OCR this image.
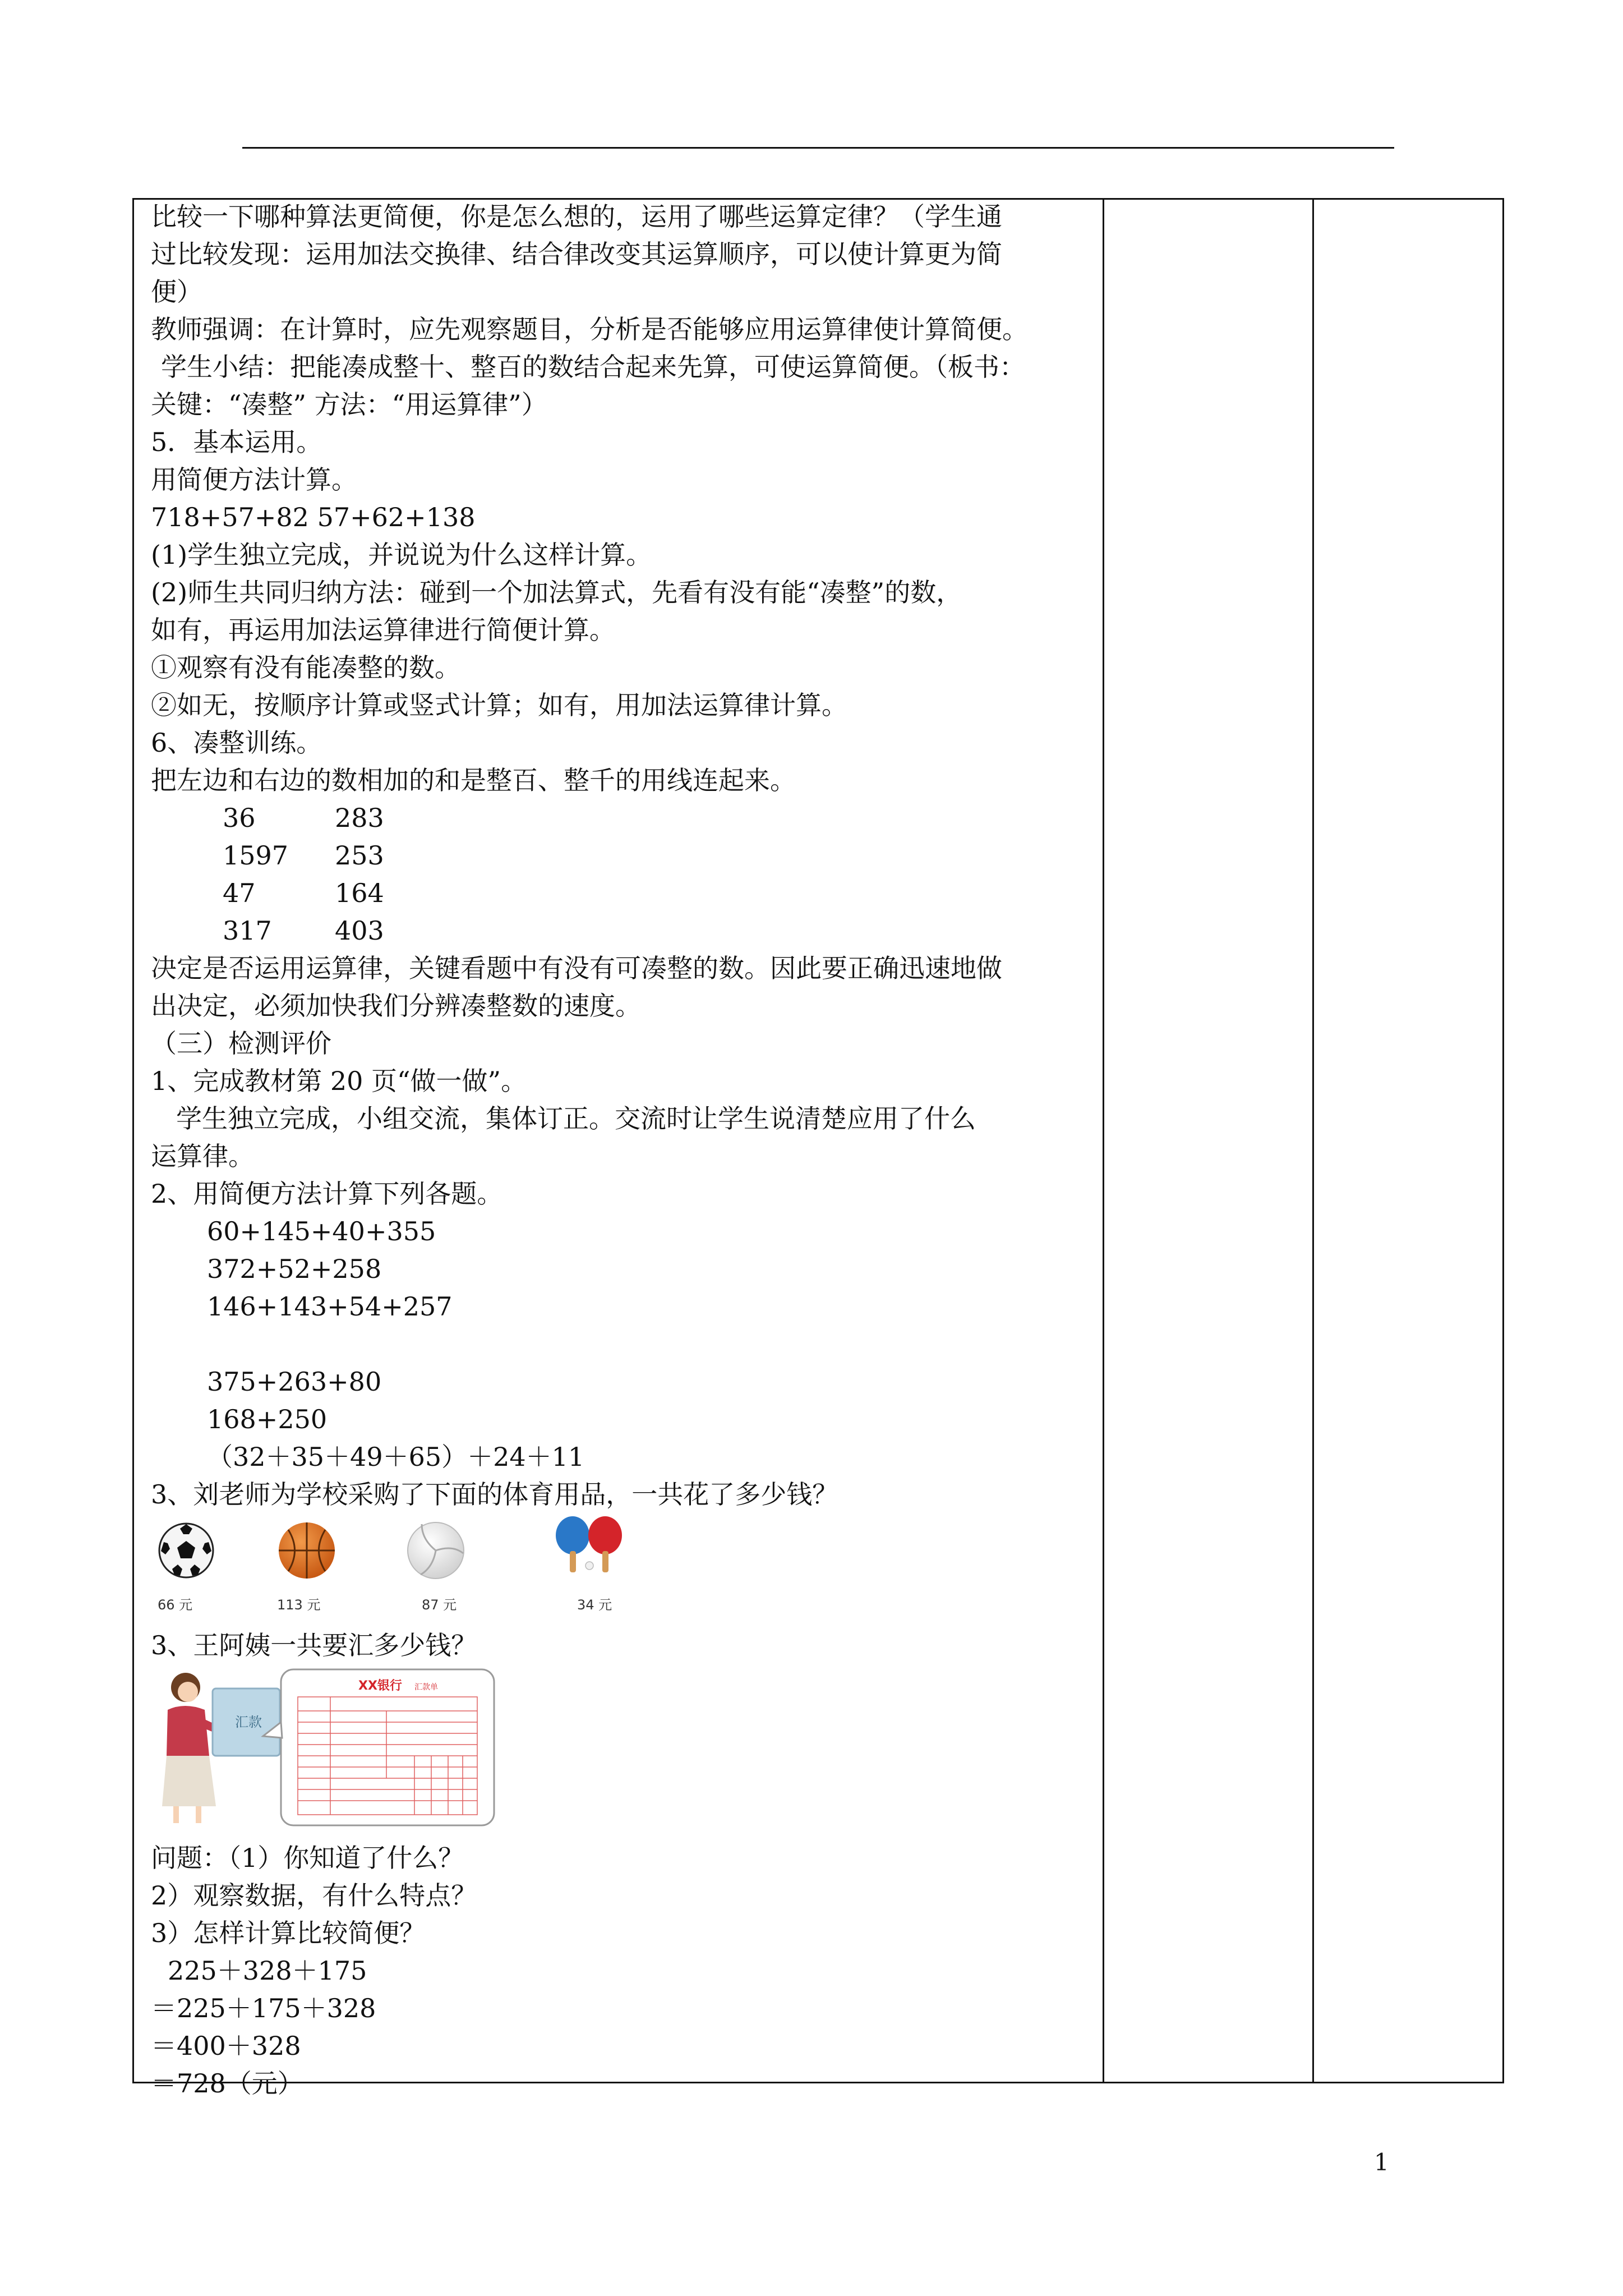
比较一下哪种算法更简便，你是怎么想的，运用了哪些运算定律？（学生通
过比较发现：运用加法交换律、结合律改变其运算顺序，可以使计算更为简
便）
教师强调：在计算时，应先观察题目，分析是否能够应用运算律使计算简便。
学生小结：把能凑成整十、整百的数结合起来先算，可使运算简便。（板书：
关键：“凑整” 方法：“用运算律”）
5．基本运用。
用简便方法计算。
718+57+82 57+62+138
(1)学生独立完成，并说说为什么这样计算。
(2)师生共同归纳方法：碰到一个加法算式，先看有没有能“凑整”的数，
如有，再运用加法运算律进行简便计算。
①观察有没有能凑整的数。
②如无，按顺序计算或竖式计算；如有，用加法运算律计算。
6、凑整训练。
把左边和右边的数相加的和是整百、整千的用线连起来。
36	283
1597 253
47	164
317 403
决定是否运用运算律，关键看题中有没有可凑整的数。因此要正确迅速地做
出决定，必须加快我们分辨凑整数的速度。
（三）检测评价
1、完成教材第 20 页“做一做”。
学生独立完成，小组交流，集体订正。交流时让学生说清楚应用了什么
运算律。
2、用简便方法计算下列各题。
60+145+40+355
372+52+258
146+143+54+257
375+263+80
168+250
（32＋35＋49＋65）＋24＋11
3、刘老师为学校采购了下面的体育用品，一共花了多少钱？
66 元	113 元	87 元	34 元
3、王阿姨一共要汇多少钱？
汇款
XX银行 汇款单
问题：（1）你知道了什么？
2）观察数据，有什么特点？
3）怎样计算比较简便？
225＋328＋175
＝225＋175＋328
＝400＋328
＝728（元）
1
